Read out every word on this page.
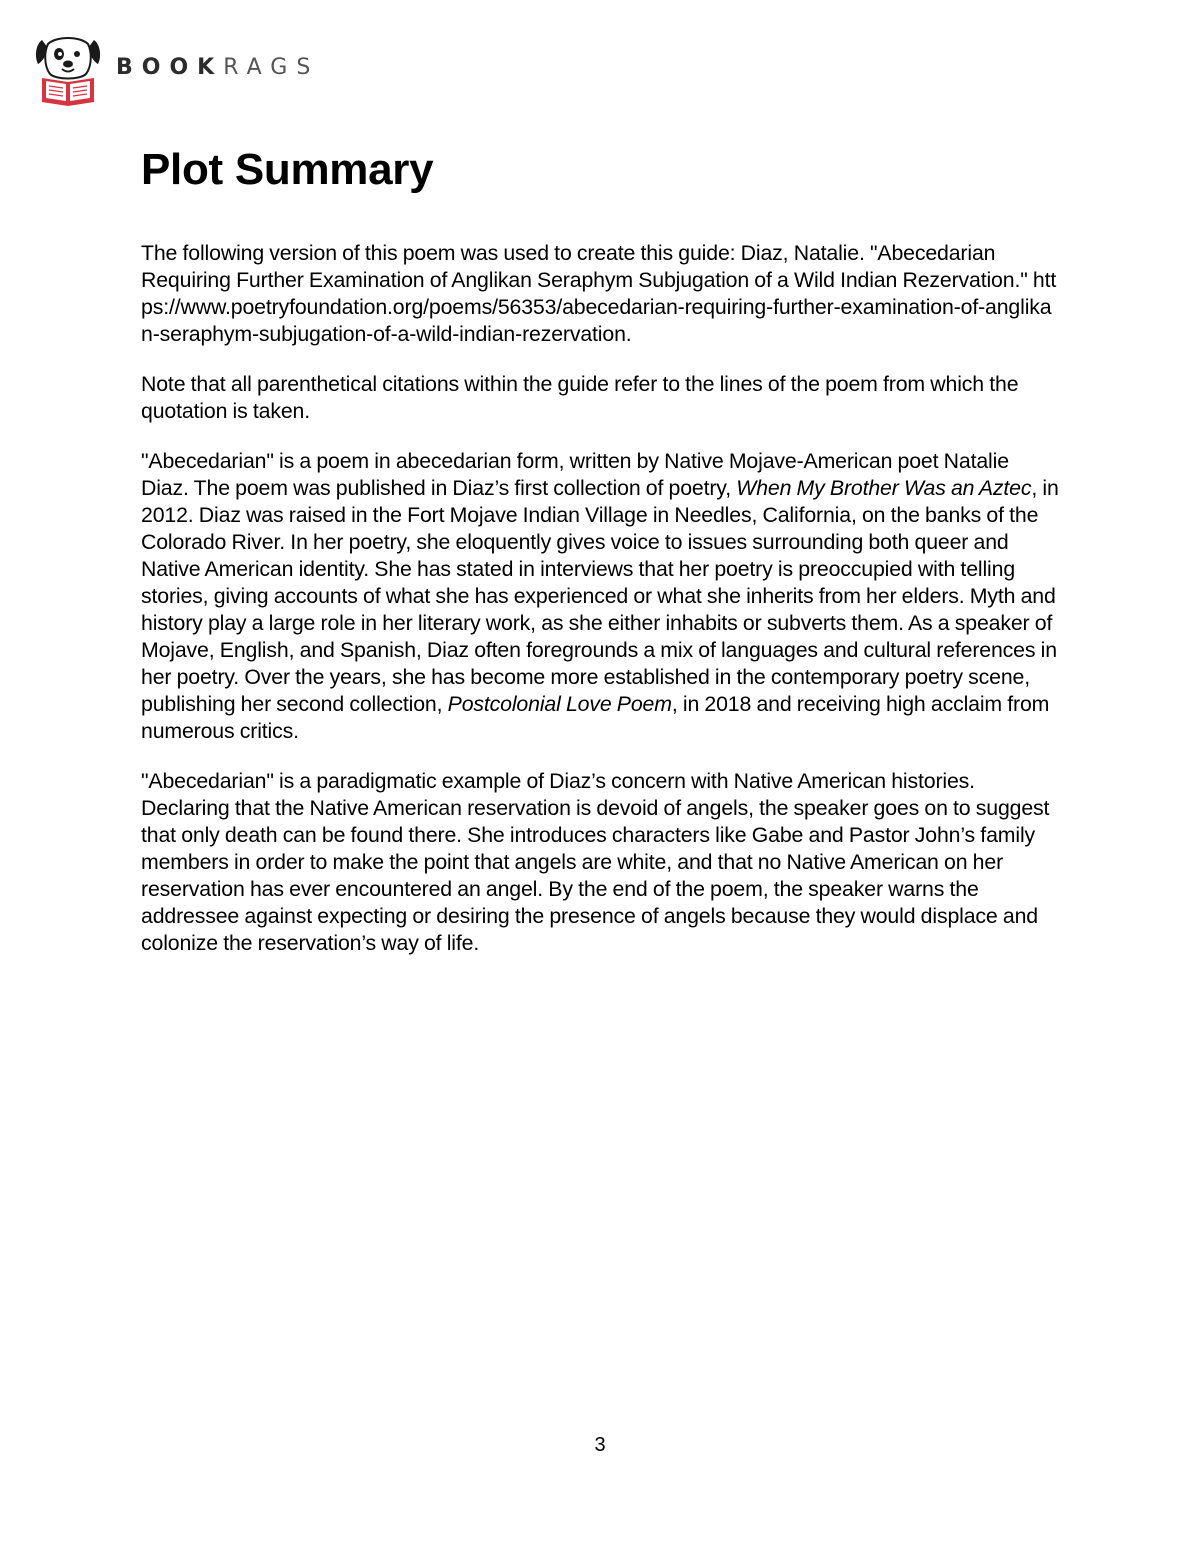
BOOKRAGS
Plot Summary

The following version of this poem was used to create this guide: Diaz, Natalie. "Abecedarian Requiring Further Examination of Anglikan Seraphym Subjugation of a Wild Indian Rezervation." https://www.poetryfoundation.org/poems/56353/abecedarian-requiring-further-examination-of-anglikan-seraphym-subjugation-of-a-wild-indian-rezervation.

Note that all parenthetical citations within the guide refer to the lines of the poem from which the quotation is taken.

"Abecedarian" is a poem in abecedarian form, written by Native Mojave-American poet Natalie Diaz. The poem was published in Diaz’s first collection of poetry, When My Brother Was an Aztec, in 2012. Diaz was raised in the Fort Mojave Indian Village in Needles, California, on the banks of the Colorado River. In her poetry, she eloquently gives voice to issues surrounding both queer and Native American identity. She has stated in interviews that her poetry is preoccupied with telling stories, giving accounts of what she has experienced or what she inherits from her elders. Myth and history play a large role in her literary work, as she either inhabits or subverts them. As a speaker of Mojave, English, and Spanish, Diaz often foregrounds a mix of languages and cultural references in her poetry. Over the years, she has become more established in the contemporary poetry scene, publishing her second collection, Postcolonial Love Poem, in 2018 and receiving high acclaim from numerous critics.

"Abecedarian" is a paradigmatic example of Diaz’s concern with Native American histories. Declaring that the Native American reservation is devoid of angels, the speaker goes on to suggest that only death can be found there. She introduces characters like Gabe and Pastor John’s family members in order to make the point that angels are white, and that no Native American on her reservation has ever encountered an angel. By the end of the poem, the speaker warns the addressee against expecting or desiring the presence of angels because they would displace and colonize the reservation’s way of life.

3
